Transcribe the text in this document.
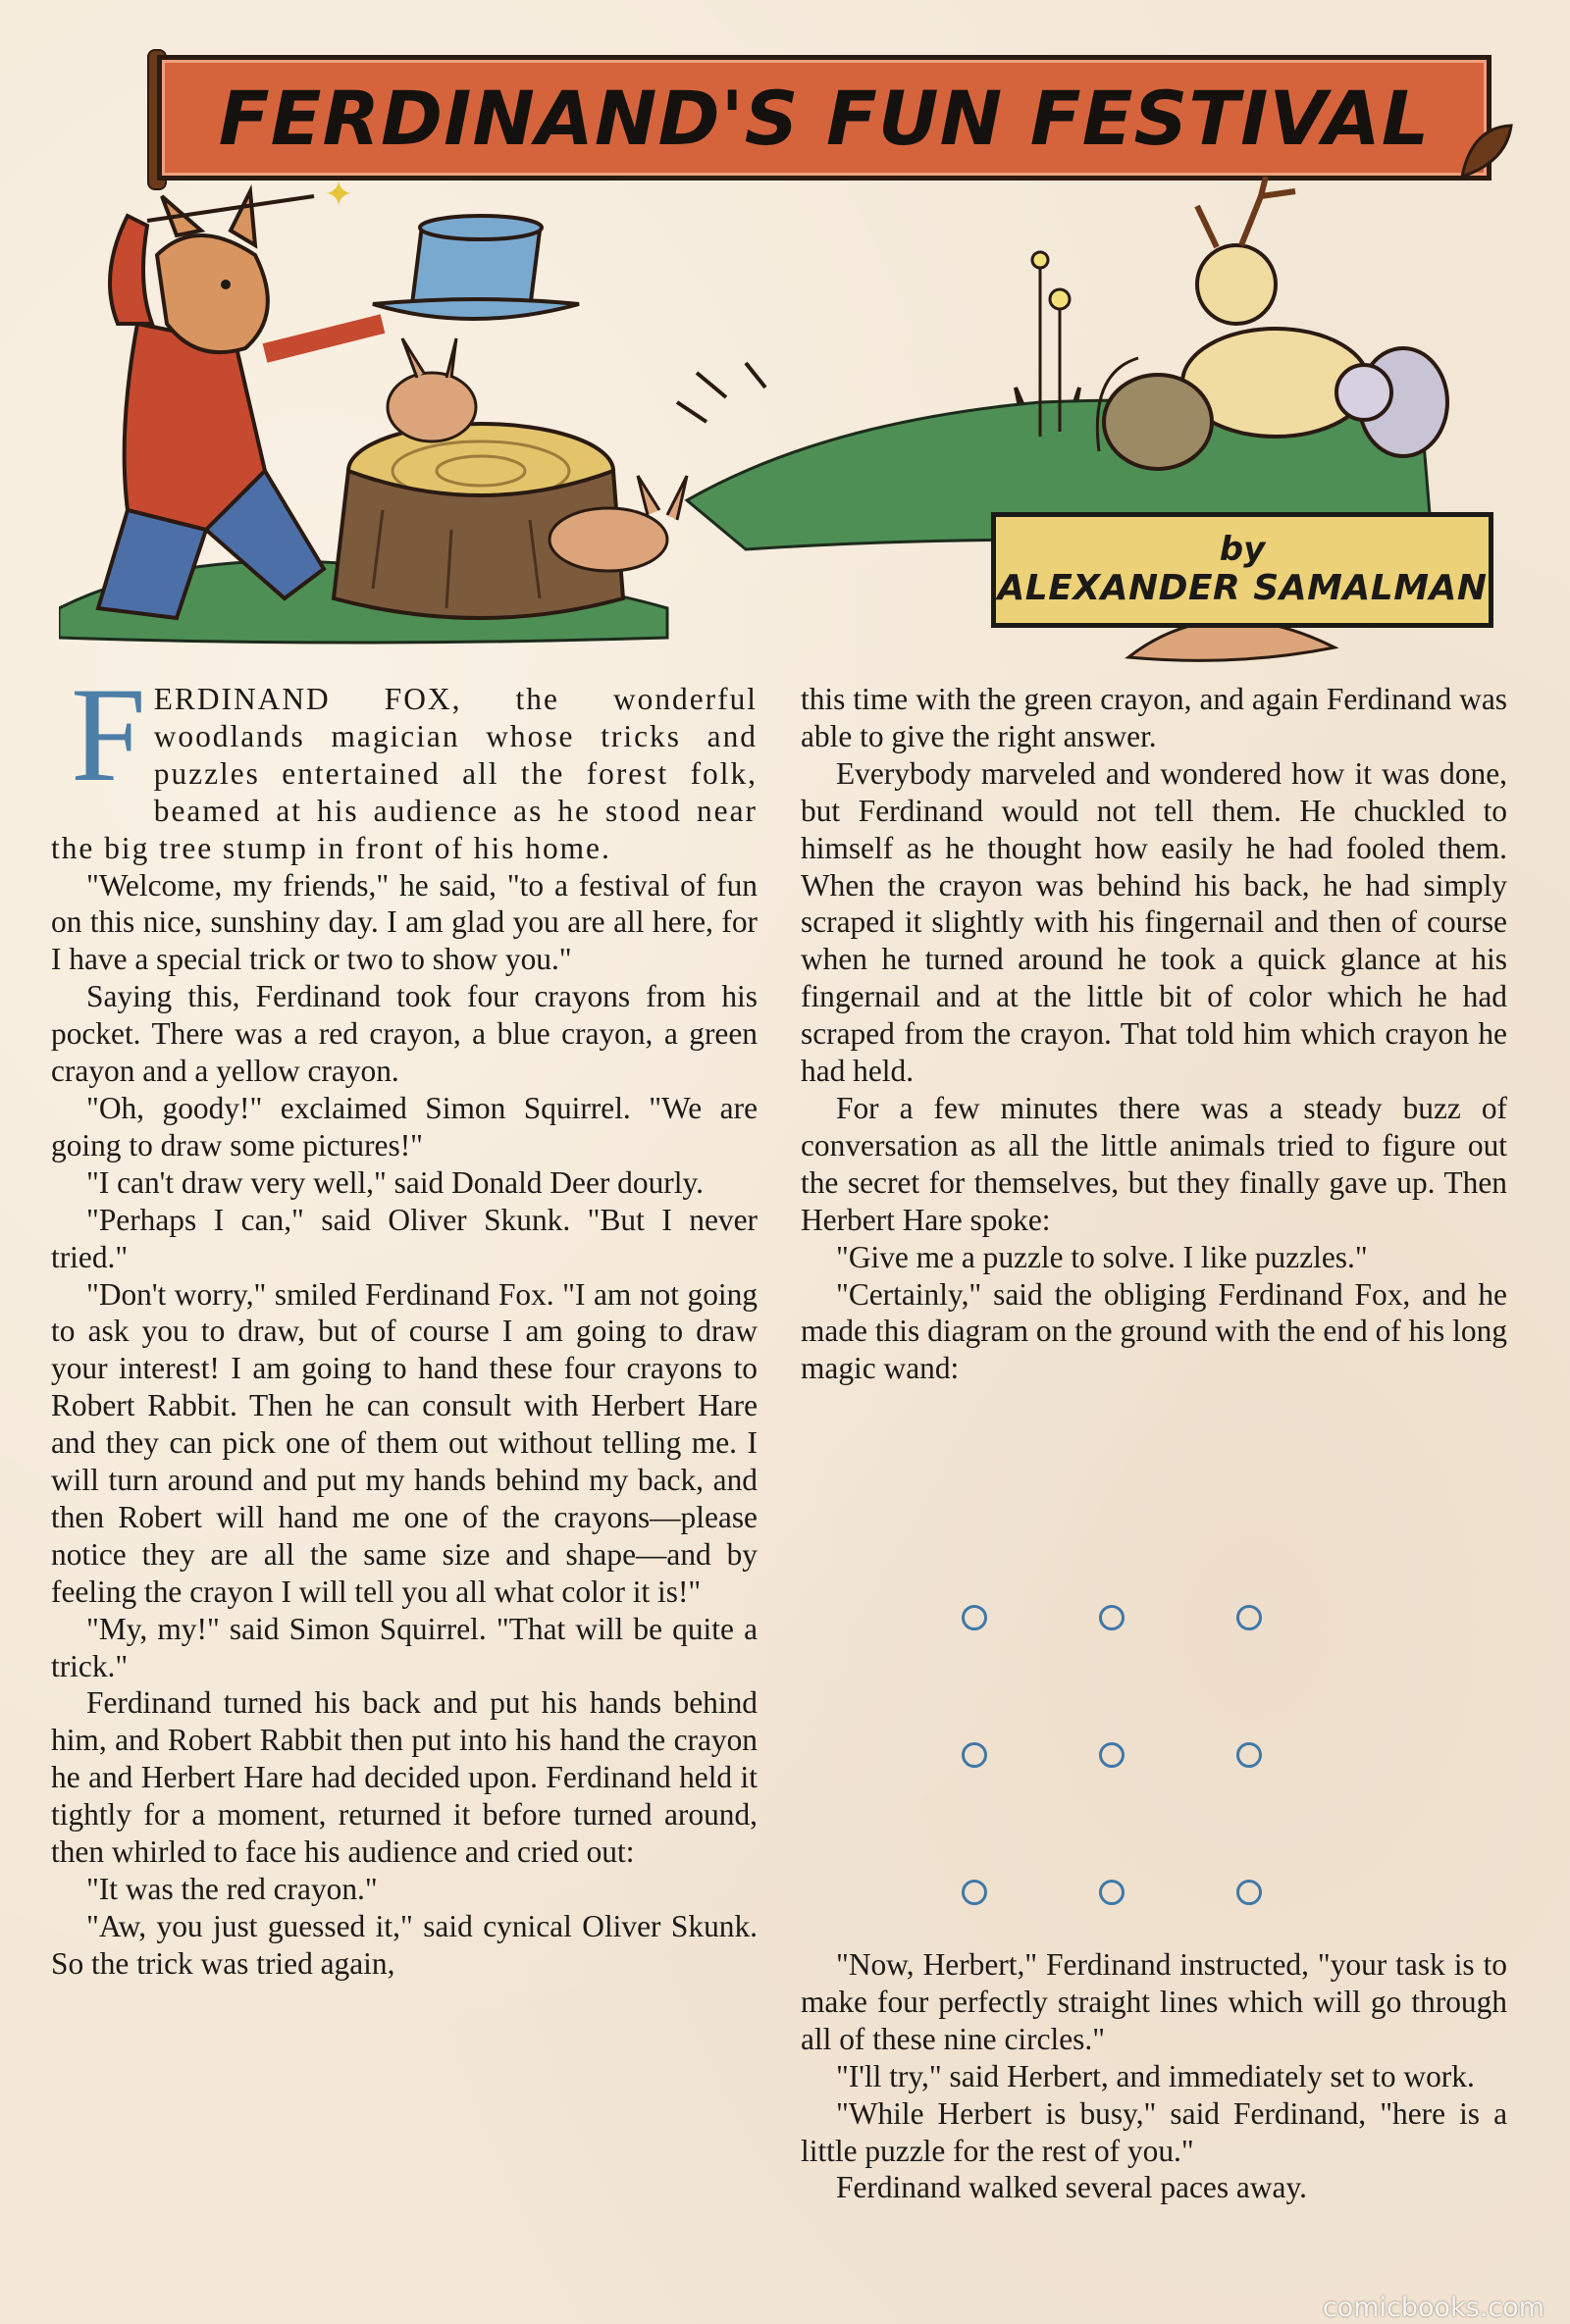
FERDINAND'S FUN FESTIVAL
✦
by
ALEXANDER SAMALMAN

FERDINAND FOX, the wonderful woodlands magician whose tricks and puzzles entertained all the forest folk, beamed at his audience as he stood near the big tree stump in front of his home.

"Welcome, my friends," he said, "to a festival of fun on this nice, sunshiny day. I am glad you are all here, for I have a special trick or two to show you."

Saying this, Ferdinand took four crayons from his pocket. There was a red crayon, a blue crayon, a green crayon and a yellow crayon.

"Oh, goody!" exclaimed Simon Squirrel. "We are going to draw some pictures!"

"I can't draw very well," said Donald Deer dourly.

"Perhaps I can," said Oliver Skunk. "But I never tried."

"Don't worry," smiled Ferdinand Fox. "I am not going to ask you to draw, but of course I am going to draw your interest! I am going to hand these four crayons to Robert Rabbit. Then he can consult with Herbert Hare and they can pick one of them out without telling me. I will turn around and put my hands behind my back, and then Robert will hand me one of the crayons—please notice they are all the same size and shape—and by feeling the crayon I will tell you all what color it is!"

"My, my!" said Simon Squirrel. "That will be quite a trick."

Ferdinand turned his back and put his hands behind him, and Robert Rabbit then put into his hand the crayon he and Herbert Hare had decided upon. Ferdinand held it tightly for a moment, returned it before turned around, then whirled to face his audience and cried out:

"It was the red crayon."

"Aw, you just guessed it," said cynical Oliver Skunk. So the trick was tried again,

this time with the green crayon, and again Ferdinand was able to give the right answer.

Everybody marveled and wondered how it was done, but Ferdinand would not tell them. He chuckled to himself as he thought how easily he had fooled them. When the crayon was behind his back, he had simply scraped it slightly with his fingernail and then of course when he turned around he took a quick glance at his fingernail and at the little bit of color which he had scraped from the crayon. That told him which crayon he had held.

For a few minutes there was a steady buzz of conversation as all the little animals tried to figure out the secret for themselves, but they finally gave up. Then Herbert Hare spoke:

"Give me a puzzle to solve. I like puzzles."

"Certainly," said the obliging Ferdinand Fox, and he made this diagram on the ground with the end of his long magic wand:

"Now, Herbert," Ferdinand instructed, "your task is to make four perfectly straight lines which will go through all of these nine circles."

"I'll try," said Herbert, and immediately set to work.

"While Herbert is busy," said Ferdinand, "here is a little puzzle for the rest of you."

Ferdinand walked several paces away.

comicbooks.com
